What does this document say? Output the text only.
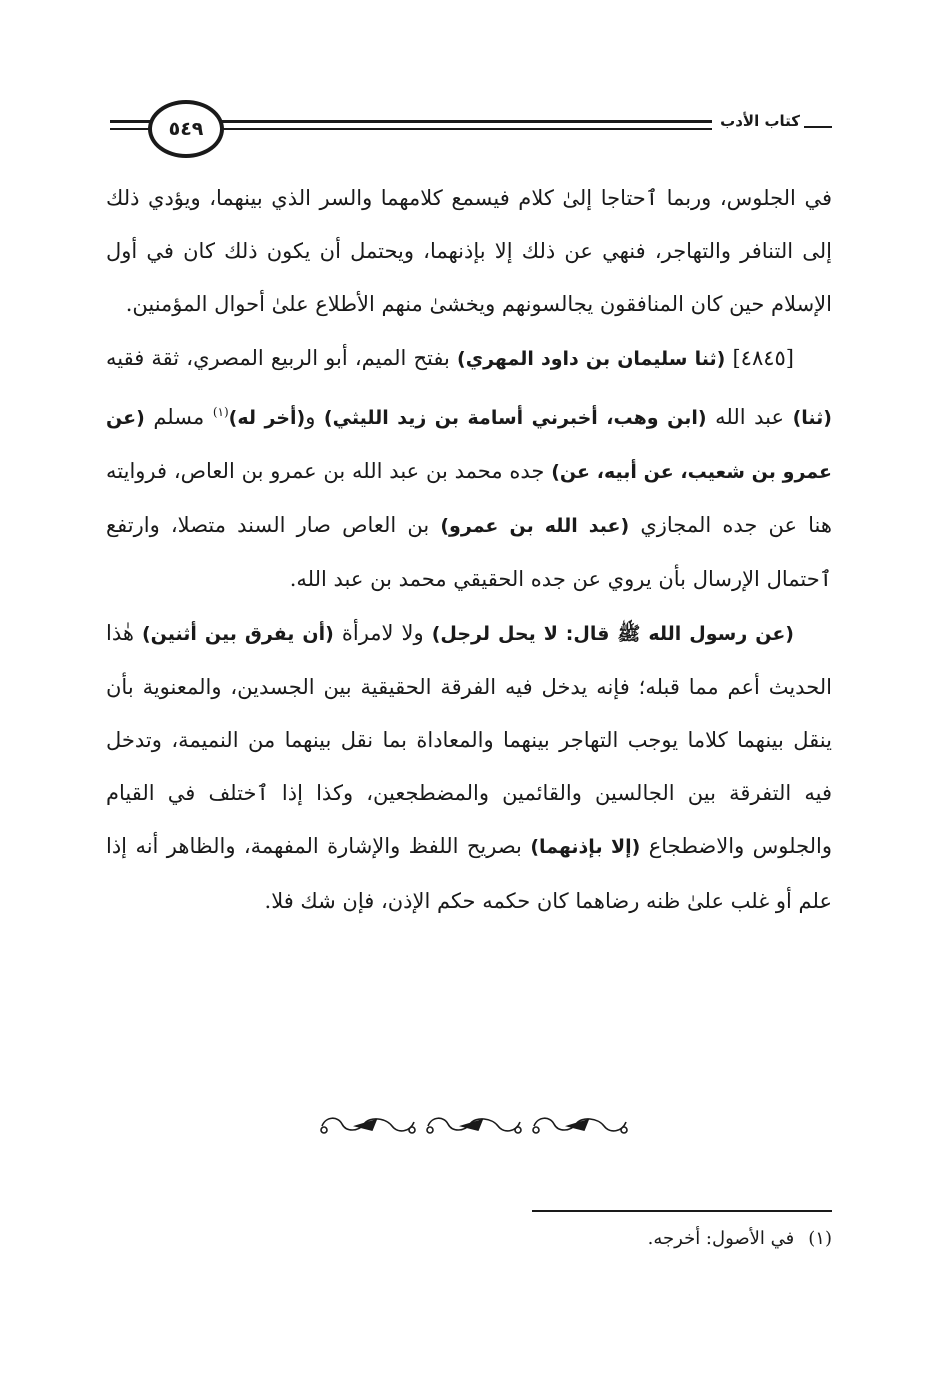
٥٤٩	كتاب الأدب

في الجلوس، وربما ٱحتاجا إلىٰ كلام فيسمع كلامهما والسر الذي بينهما، ويؤدي ذلك إلى التنافر والتهاجر، فنهي عن ذلك إلا بإذنهما، ويحتمل أن يكون ذلك كان في أول الإسلام حين كان المنافقون يجالسونهم ويخشىٰ منهم الأطلاع علىٰ أحوال المؤمنين.

[٤٨٤٥] (ثنا سليمان بن داود المهري) بفتح الميم، أبو الربيع المصري، ثقة فقيه (ثنا) عبد الله (ابن وهب، أخبرني أسامة بن زيد الليثي) و(أخر له)$^{(١)}$ مسلم (عن عمرو بن شعيب، عن أبيه، عن) جده محمد بن عبد الله بن عمرو بن العاص، فروايته هنا عن جده المجازي (عبد الله بن عمرو) بن العاص صار السند متصلا، وارتفع ٱحتمال الإرسال بأن يروي عن جده الحقيقي محمد بن عبد الله.

(عن رسول الله ﷺ قال: لا يحل لرجل) ولا لامرأة (أن يفرق بين أثنين) هٰذا الحديث أعم مما قبله؛ فإنه يدخل فيه الفرقة الحقيقية بين الجسدين، والمعنوية بأن ينقل بينهما كلاما يوجب التهاجر بينهما والمعاداة بما نقل بينهما من النميمة، وتدخل فيه التفرقة بين الجالسين والقائمين والمضطجعين، وكذا إذا ٱختلف في القيام والجلوس والاضطجاع (إلا بإذنهما) بصريح اللفظ والإشارة المفهمة، والظاهر أنه إذا علم أو غلب علىٰ ظنه رضاهما كان حكمه حكم الإذن، فإن شك فلا.

(١)في الأصول: أخرجه.
